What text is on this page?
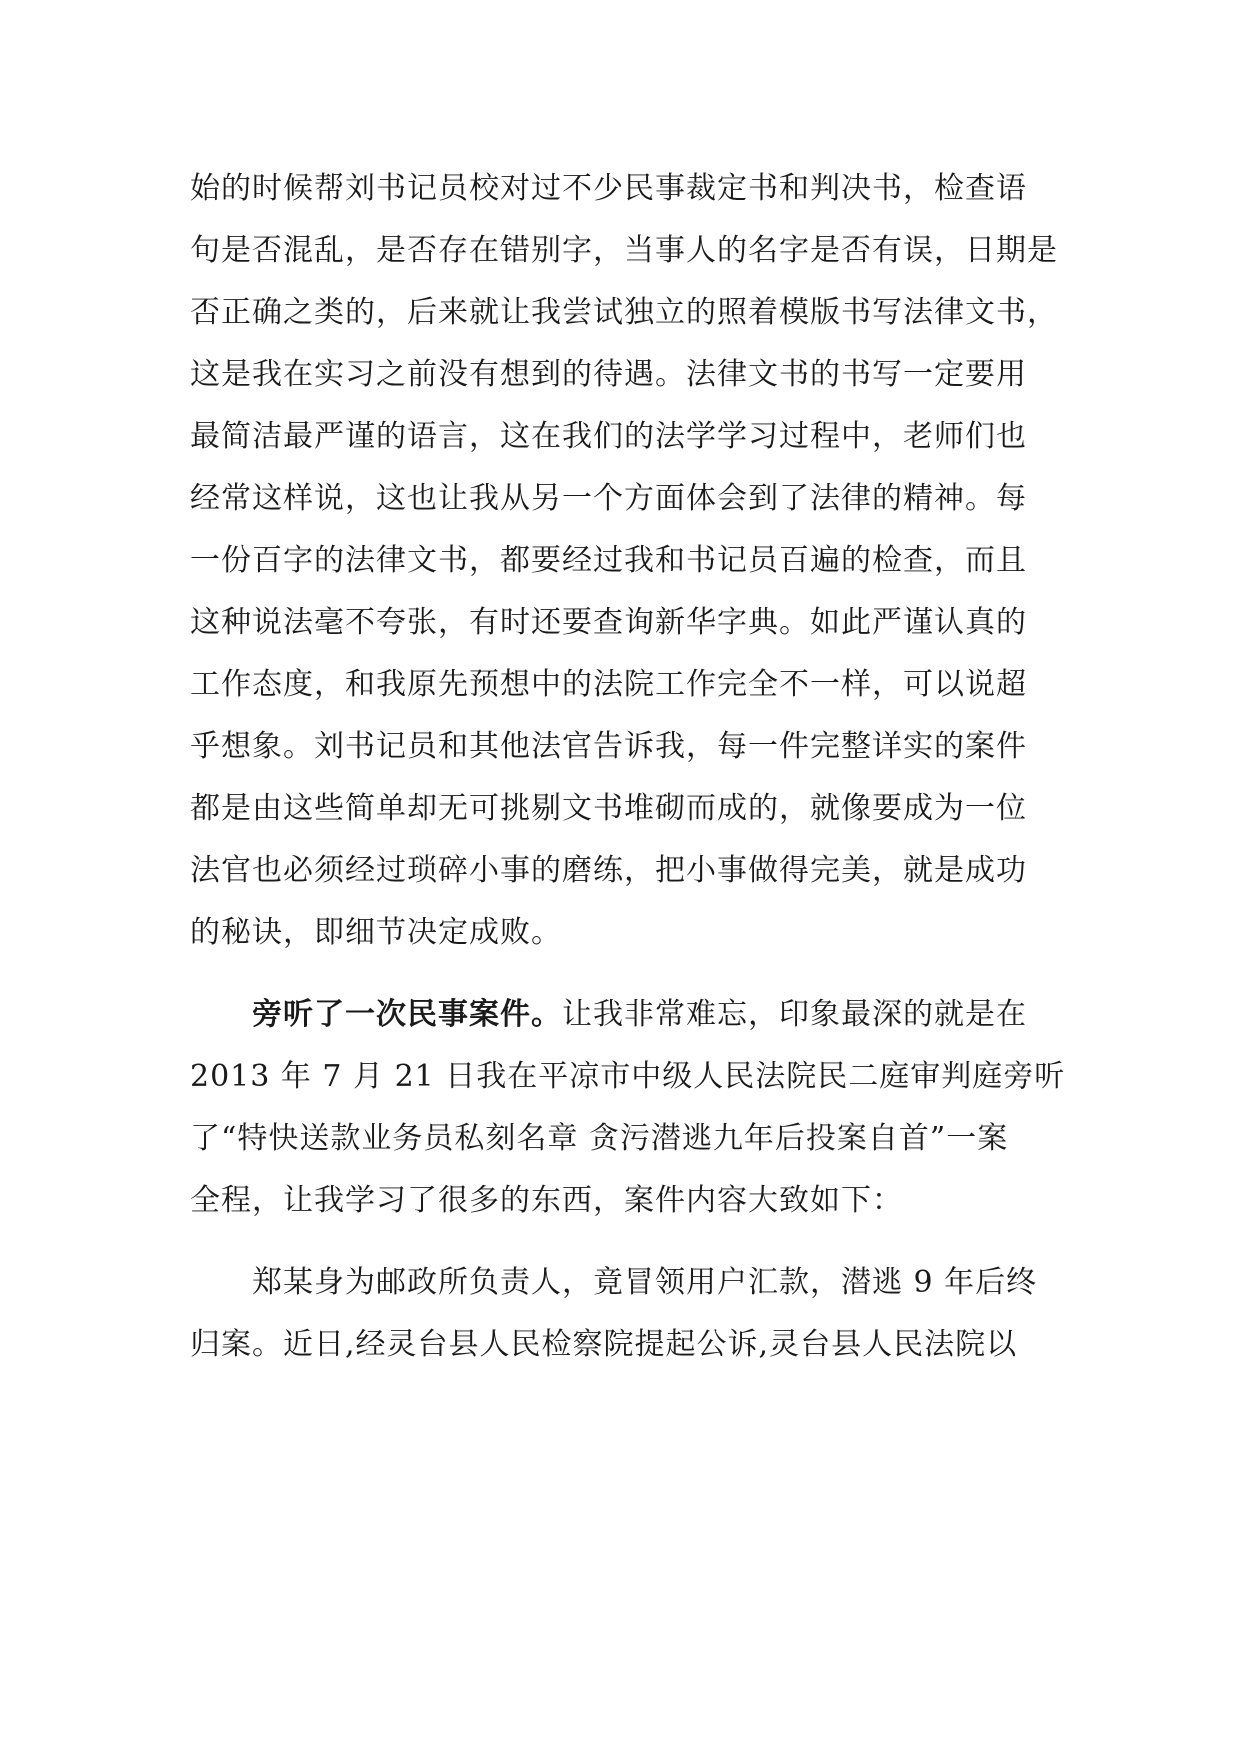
始的时候帮刘书记员校对过不少民事裁定书和判决书，检查语
句是否混乱，是否存在错别字，当事人的名字是否有误，日期是
否正确之类的，后来就让我尝试独立的照着模版书写法律文书，
这是我在实习之前没有想到的待遇。法律文书的书写一定要用
最简洁最严谨的语言，这在我们的法学学习过程中，老师们也
经常这样说，这也让我从另一个方面体会到了法律的精神。每
一份百字的法律文书，都要经过我和书记员百遍的检查，而且
这种说法毫不夸张，有时还要查询新华字典。如此严谨认真的
工作态度，和我原先预想中的法院工作完全不一样，可以说超
乎想象。刘书记员和其他法官告诉我，每一件完整详实的案件
都是由这些简单却无可挑剔文书堆砌而成的，就像要成为一位
法官也必须经过琐碎小事的磨练，把小事做得完美，就是成功
的秘诀，即细节决定成败。
旁听了一次民事案件。让我非常难忘，印象最深的就是在
2013 年 7 月 21 日我在平凉市中级人民法院民二庭审判庭旁听
了“特快送款业务员私刻名章 贪污潜逃九年后投案自首”一案
全程，让我学习了很多的东西，案件内容大致如下：
郑某身为邮政所负责人，竟冒领用户汇款，潜逃 9 年后终
归案。近日,经灵台县人民检察院提起公诉,灵台县人民法院以
